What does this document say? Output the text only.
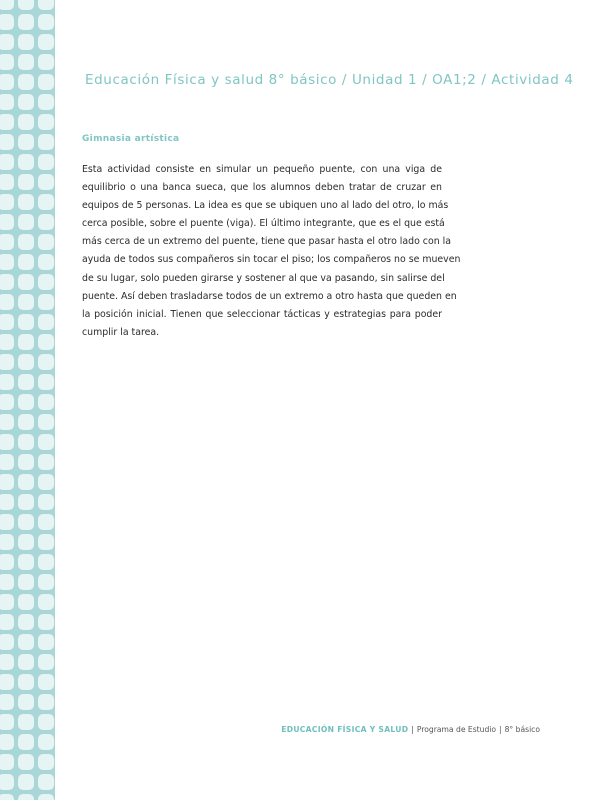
Educación Física y salud 8° básico / Unidad 1 / OA1;2 / Actividad 4
Gimnasia artística
Esta actividad consiste en simular un pequeño puente, con una viga de
equilibrio o una banca sueca, que los alumnos deben tratar de cruzar en
equipos de 5 personas. La idea es que se ubiquen uno al lado del otro, lo más
cerca posible, sobre el puente (viga). El último integrante, que es el que está
más cerca de un extremo del puente, tiene que pasar hasta el otro lado con la
ayuda de todos sus compañeros sin tocar el piso; los compañeros no se mueven
de su lugar, solo pueden girarse y sostener al que va pasando, sin salirse del
puente. Así deben trasladarse todos de un extremo a otro hasta que queden en
la posición inicial. Tienen que seleccionar tácticas y estrategias para poder
cumplir la tarea.
EDUCACIÓN FÍSICA Y SALUD | Programa de Estudio | 8° básico
